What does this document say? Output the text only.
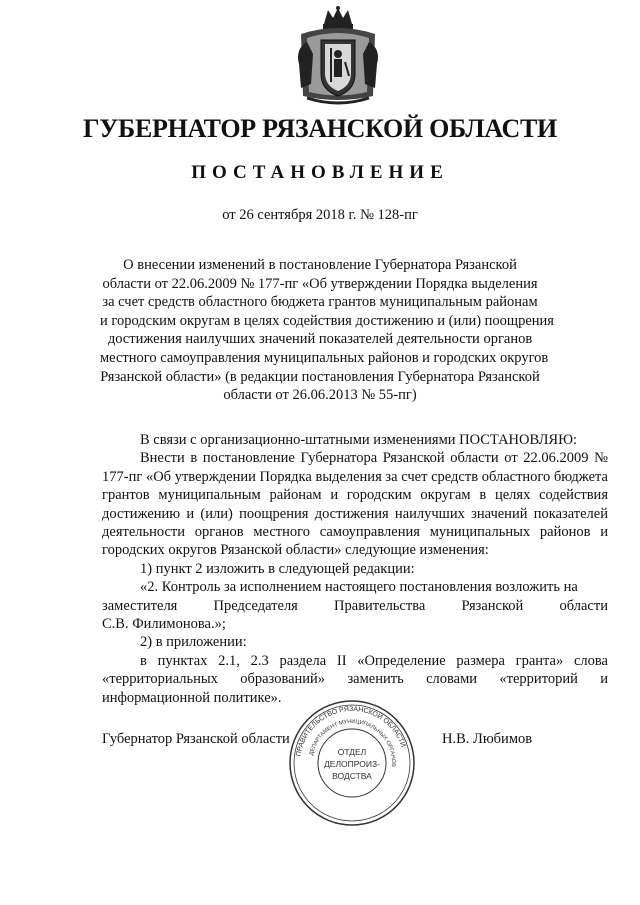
ГУБЕРНАТОР РЯЗАНСКОЙ ОБЛАСТИ
ПОСТАНОВЛЕНИЕ
от 26 сентября 2018 г. № 128-пг
О внесении изменений в постановление Губернатора Рязанской
области от 22.06.2009 № 177-пг «Об утверждении Порядка выделения
за счет средств областного бюджета грантов муниципальным районам
и городским округам в целях содействия достижению и (или) поощрения
достижения наилучших значений показателей деятельности органов
местного самоуправления муниципальных районов и городских округов
Рязанской области» (в редакции постановления Губернатора Рязанской
области от 26.06.2013 № 55-пг)
В связи с организационно-штатными изменениями ПОСТАНОВЛЯЮ:
Внести в постановление Губернатора Рязанской области от 22.06.2009 № 177-пг «Об утверждении Порядка выделения за счет средств областного бюджета грантов муниципальным районам и городским округам в целях содействия достижению и (или) поощрения достижения наилучших значений показателей деятельности органов местного самоуправления муниципальных районов и городских округов Рязанской области» следующие изменения:
1) пункт 2 изложить в следующей редакции:
«2. Контроль за исполнением настоящего постановления возложить на
заместителя Председателя Правительства Рязанской области
С.В. Филимонова.»;
2) в приложении:
в пунктах 2.1, 2.3 раздела II «Определение размера гранта» слова «территориальных образований» заменить словами «территорий и информационной политике».
Губернатор Рязанской области	Н.В. Любимов
ПРАВИТЕЛЬСТВО РЯЗАНСКОЙ ОБЛАСТИ
ДЕПАРТАМЕНТ МУНИЦИПАЛЬНЫХ ОРГАНОВ
ОТДЕЛ
ДЕЛОПРОИЗ-
ВОДСТВА
